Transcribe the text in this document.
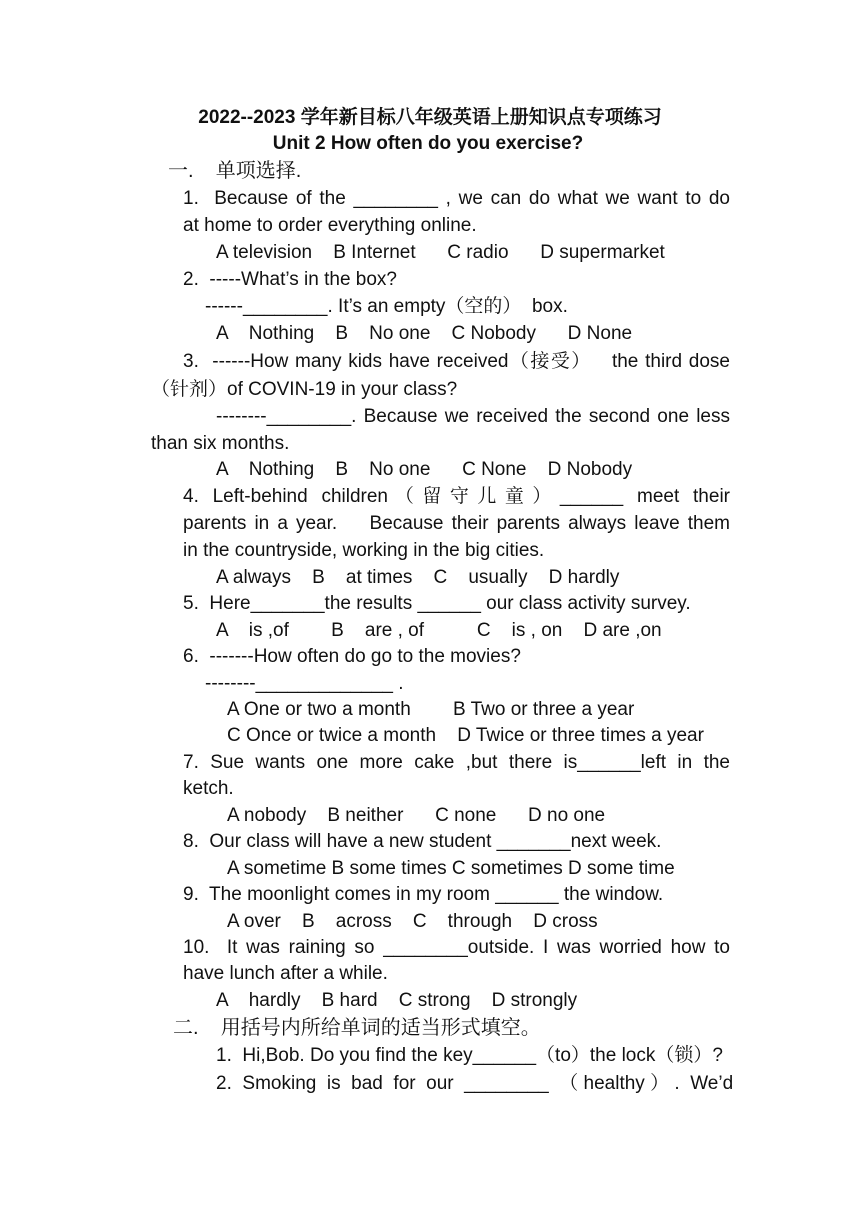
2022--2023 学年新目标八年级英语上册知识点专项练习
Unit 2 How often do you exercise?
一.    单项选择.
1.  Because of the ________ , we can do what we want to do
at home to order everything online.
A television    B Internet      C radio      D supermarket
2.  -----What’s in the box?
------________. It’s an empty（空的）  box.
A    Nothing    B    No one    C Nobody      D None
3.  ------How many kids have received（接受）   the third dose
（针剂）of COVIN-19 in your class?
--------________. Because we received the second one less
than six months.
A    Nothing    B    No one      C None    D Nobody
4.  Left-behind  children （ 留 守 儿 童 ） ______  meet  their
parents in a year.    Because their parents always leave them
in the countryside, working in the big cities.
A always    B    at times    C    usually    D hardly
5.  Here_______the results ______ our class activity survey.
A    is ,of        B    are , of          C    is , on    D are ,on
6.  -------How often do go to the movies?
--------_____________ .
A One or two a month        B Two or three a year
C Once or twice a month    D Twice or three times a year
7.  Sue  wants  one  more  cake  ,but  there  is______left  in  the
ketch.
A nobody    B neither      C none      D no one
8.  Our class will have a new student _______next week.
A sometime B some times C sometimes D some time
9.  The moonlight comes in my room ______ the window.
A over    B    across    C    through    D cross
10.  It was raining so ________outside. I was worried how to
have lunch after a while.
A    hardly    B hard    C strong    D strongly
二.    用括号内所给单词的适当形式填空。
1.  Hi,Bob. Do you find the key______（to）the lock（锁）?
2.  Smoking  is  bad  for  our  ________  （ healthy ） .  We’d
